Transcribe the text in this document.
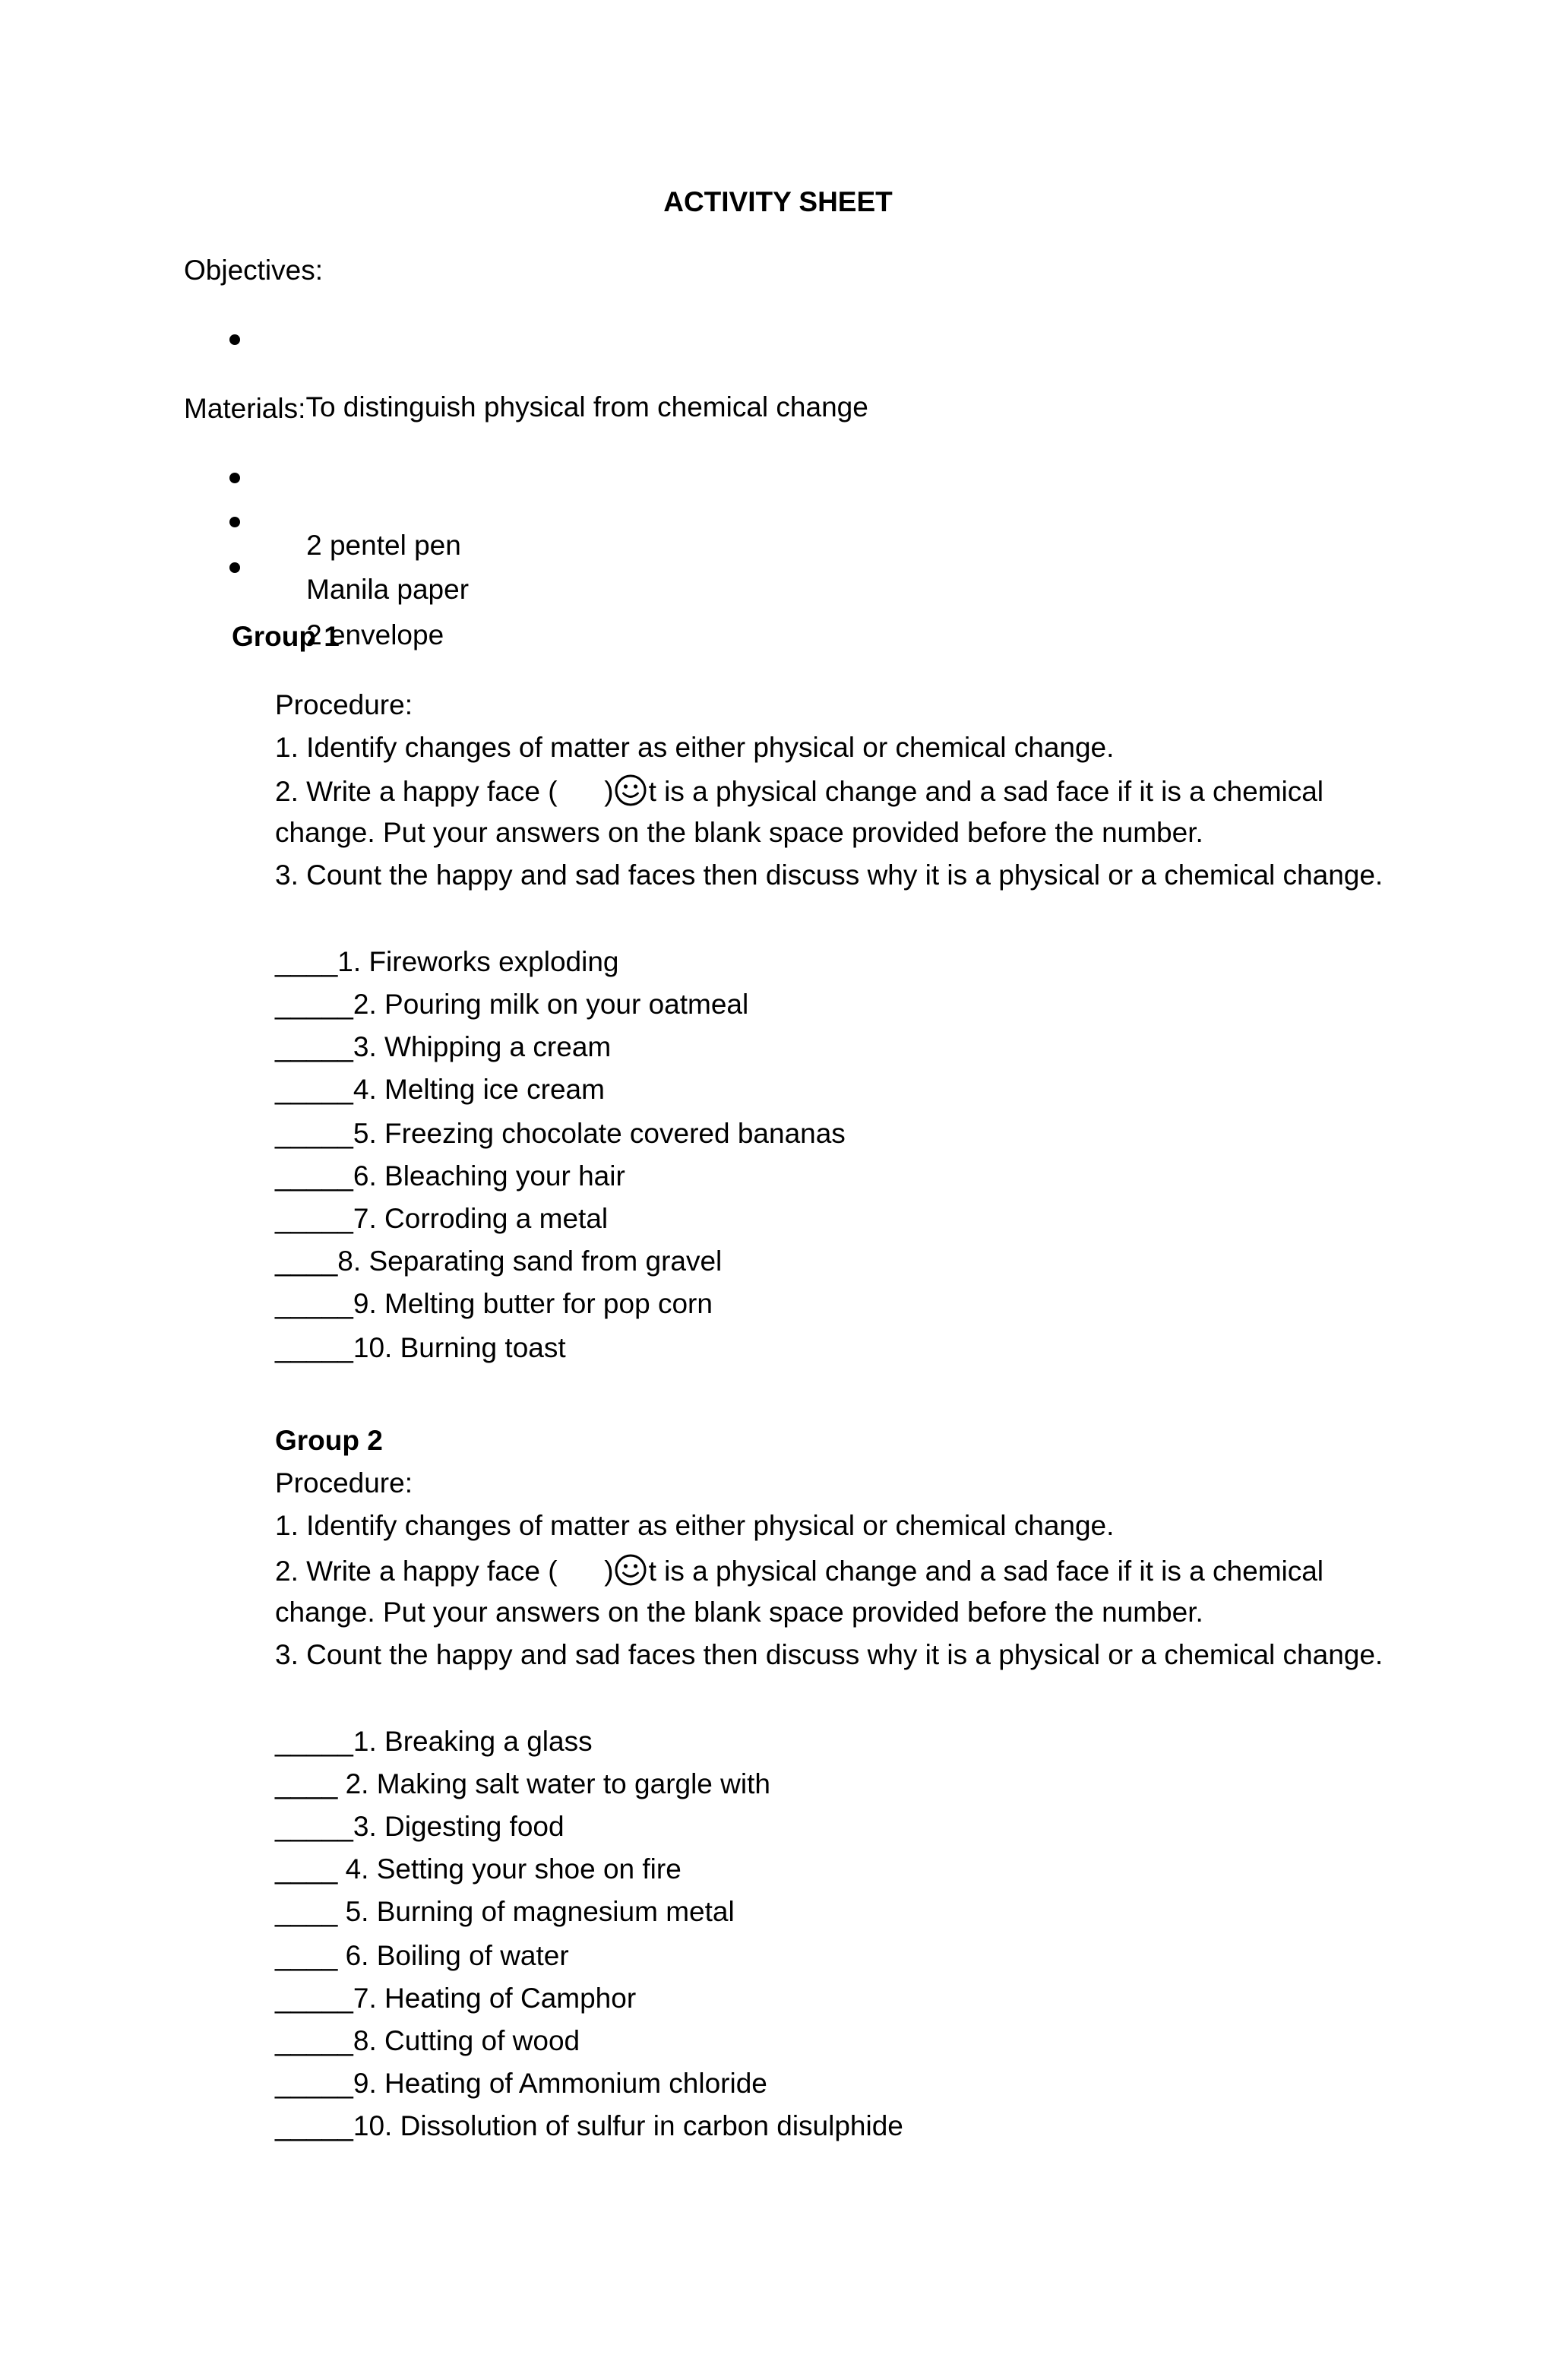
ACTIVITY SHEET
Objectives:

To distinguish physical from chemical change

Materials:

2 pentel pen

Manila paper

2 envelope

Group 1
Procedure:
1. Identify changes of matter as either physical or chemical change.
2. Write a happy face (      ) t is a physical change and a sad face if it is a chemical
change. Put your answers on the blank space provided before the number.
3. Count the happy and sad faces then discuss why it is a physical or a chemical change.
____1. Fireworks exploding
_____2. Pouring milk on your oatmeal
_____3. Whipping a cream
_____4. Melting ice cream
_____5. Freezing chocolate covered bananas
_____6. Bleaching your hair
_____7. Corroding a metal
____8. Separating sand from gravel
_____9. Melting butter for pop corn
_____10. Burning toast
Group 2
Procedure:
1. Identify changes of matter as either physical or chemical change.
2. Write a happy face (      ) t is a physical change and a sad face if it is a chemical
change. Put your answers on the blank space provided before the number.
3. Count the happy and sad faces then discuss why it is a physical or a chemical change.
_____1. Breaking a glass
____ 2. Making salt water to gargle with
_____3. Digesting food
____ 4. Setting your shoe on fire
____ 5. Burning of magnesium metal
____ 6. Boiling of water
_____7. Heating of Camphor
_____8. Cutting of wood
_____9. Heating of Ammonium chloride
_____10. Dissolution of sulfur in carbon disulphide
